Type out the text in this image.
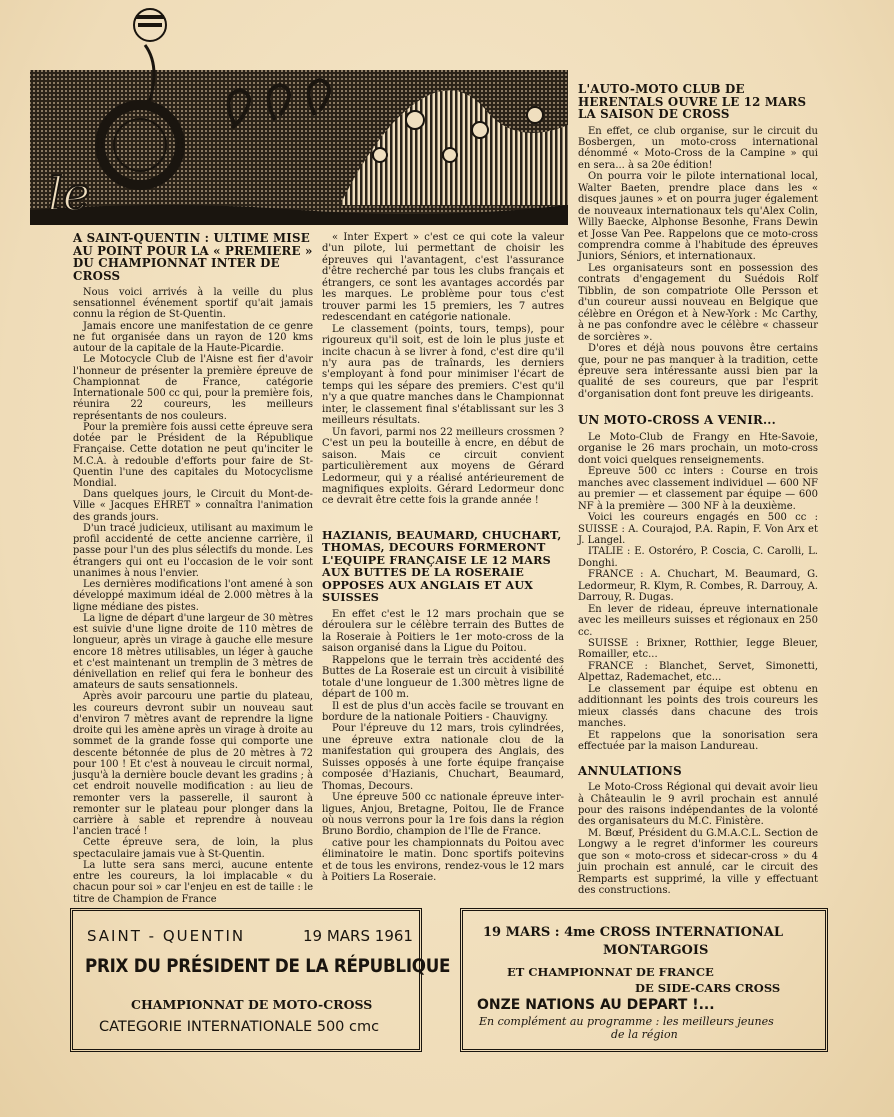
le
A SAINT-QUENTIN : ULTIME MISE AU POINT POUR LA « PREMIERE » DU CHAMPIONNAT INTER DE CROSS

Nous voici arrivés à la veille du plus sensationnel événement sportif qu'ait jamais connu la région de St-Quentin.

Jamais encore une manifestation de ce genre ne fut organisée dans un rayon de 120 kms autour de la capitale de la Haute-Picardie.

Le Motocycle Club de l'Aisne est fier d'avoir l'honneur de présenter la première épreuve de Championnat de France, catégorie Internationale 500 cc qui, pour la première fois, réunira 22 coureurs, les meilleurs représentants de nos couleurs.

Pour la première fois aussi cette épreuve sera dotée par le Président de la République Française. Cette dotation ne peut qu'inciter le M.C.A. à redouble d'efforts pour faire de St-Quentin l'une des capitales du Motocyclisme Mondial.

Dans quelques jours, le Circuit du Mont-de-Ville « Jacques EHRET » connaîtra l'animation des grands jours.

D'un tracé judicieux, utilisant au maximum le profil accidenté de cette ancienne carrière, il passe pour l'un des plus sélectifs du monde. Les étrangers qui ont eu l'occasion de le voir sont unanimes à nous l'envier.

Les dernières modifications l'ont amené à son développé maximum idéal de 2.000 mètres à la ligne médiane des pistes.

La ligne de départ d'une largeur de 30 mètres est suivie d'une ligne droite de 110 mètres de longueur, après un virage à gauche elle mesure encore 18 mètres utilisables, un léger à gauche et c'est maintenant un tremplin de 3 mètres de dénivellation en relief qui fera le bonheur des amateurs de sauts sensationnels.

Après avoir parcouru une partie du plateau, les coureurs devront subir un nouveau saut d'environ 7 mètres avant de reprendre la ligne droite qui les amène après un virage à droite au sommet de la grande fosse qui comporte une descente bétonnée de plus de 20 mètres à 72 pour 100 ! Et c'est à nouveau le circuit normal, jusqu'à la dernière boucle devant les gradins ; à cet endroit nouvelle modification : au lieu de remonter vers la passerelle, il sauront à remonter sur le plateau pour plonger dans la carrière à sable et reprendre à nouveau l'ancien tracé !

Cette épreuve sera, de loin, la plus spectaculaire jamais vue à St-Quentin.

La lutte sera sans merci, aucune entente entre les coureurs, la loi implacable « du chacun pour soi » car l'enjeu en est de taille : le titre de Champion de France

« Inter Expert » c'est ce qui cote la valeur d'un pilote, lui permettant de choisir les épreuves qui l'avantagent, c'est l'assurance d'être recherché par tous les clubs français et étrangers, ce sont les avantages accordés par les marques. Le problème pour tous c'est trouver parmi les 15 premiers, les 7 autres redescendant en catégorie nationale.

Le classement (points, tours, temps), pour rigoureux qu'il soit, est de loin le plus juste et incite chacun à se livrer à fond, c'est dire qu'il n'y aura pas de traînards, les derniers s'employant à fond pour minimiser l'écart de temps qui les sépare des premiers. C'est qu'il n'y a que quatre manches dans le Championnat inter, le classement final s'établissant sur les 3 meilleurs résultats.

Un favori, parmi nos 22 meilleurs crossmen ? C'est un peu la bouteille à encre, en début de saison. Mais ce circuit convient particulièrement aux moyens de Gérard Ledormeur, qui y a réalisé antérieurement de magnifiques exploits. Gérard Ledormeur donc ce devrait être cette fois la grande année !

HAZIANIS, BEAUMARD, CHUCHART, THOMAS, DECOURS FORMERONT L'EQUIPE FRANÇAISE LE 12 MARS AUX BUTTES DE LA ROSERAIE OPPOSES AUX ANGLAIS ET AUX SUISSES

En effet c'est le 12 mars prochain que se déroulera sur le célèbre terrain des Buttes de la Roseraie à Poitiers le 1er moto-cross de la saison organisé dans la Ligue du Poitou.

Rappelons que le terrain très accidenté des Buttes de La Roseraie est un circuit à visibilité totale d'une longueur de 1.300 mètres ligne de départ de 100 m.

Il est de plus d'un accès facile se trouvant en bordure de la nationale Poitiers - Chauvigny.

Pour l'épreuve du 12 mars, trois cylindrées, une épreuve extra nationale clou de la manifestation qui groupera des Anglais, des Suisses opposés à une forte équipe française composée d'Hazianis, Chuchart, Beaumard, Thomas, Decours.

Une épreuve 500 cc nationale épreuve inter-ligues, Anjou, Bretagne, Poitou, Ile de France où nous verrons pour la 1re fois dans la région Bruno Bordio, champion de l'Ile de France.

cative pour les championnats du Poitou avec éliminatoire le matin. Donc sportifs poitevins et de tous les environs, rendez-vous le 12 mars à Poitiers La Roseraie.

L'AUTO-MOTO CLUB DE HERENTALS OUVRE LE 12 MARS LA SAISON DE CROSS

En effet, ce club organise, sur le circuit du Bosbergen, un moto-cross international dénommé « Moto-Cross de la Campine » qui en sera... à sa 20e édition!

On pourra voir le pilote international local, Walter Baeten, prendre place dans les « disques jaunes » et on pourra juger également de nouveaux internationaux tels qu'Alex Colin, Willy Baecke, Alphonse Besonhe, Frans Dewin et Josse Van Pee. Rappelons que ce moto-cross comprendra comme à l'habitude des épreuves Juniors, Séniors, et internationaux.

Les organisateurs sont en possession des contrats d'engagement du Suédois Rolf Tibblin, de son compatriote Olle Persson et d'un coureur aussi nouveau en Belgique que célèbre en Orégon et à New-York : Mc Carthy, à ne pas confondre avec le célèbre « chasseur de sorcières ».

D'ores et déjà nous pouvons être certains que, pour ne pas manquer à la tradition, cette épreuve sera intéressante aussi bien par la qualité de ses coureurs, que par l'esprit d'organisation dont font preuve les dirigeants.

UN MOTO-CROSS A VENIR...

Le Moto-Club de Frangy en Hte-Savoie, organise le 26 mars prochain, un moto-cross dont voici quelques renseignements.

Epreuve 500 cc inters : Course en trois manches avec classement individuel — 600 NF au premier — et classement par équipe — 600 NF à la première — 300 NF à la deuxième.

Voici les coureurs engagés en 500 cc : SUISSE : A. Courajod, P.A. Rapin, F. Von Arx et J. Langel.

ITALIE : E. Ostoréro, P. Coscia, C. Carolli, L. Donghi.

FRANCE : A. Chuchart, M. Beaumard, G. Ledormeur, R. Klym, R. Combes, R. Darrouy, A. Darrouy, R. Dugas.

En lever de rideau, épreuve internationale avec les meilleurs suisses et régionaux en 250 cc.

SUISSE : Brixner, Rotthier, Iegge Bleuer, Romailler, etc...

FRANCE : Blanchet, Servet, Simonetti, Alpettaz, Rademachet, etc...

Le classement par équipe est obtenu en additionnant les points des trois coureurs les mieux classés dans chacune des trois manches.

Et rappelons que la sonorisation sera effectuée par la maison Landureau.

ANNULATIONS

Le Moto-Cross Régional qui devait avoir lieu à Châteaulin le 9 avril prochain est annulé pour des raisons indépendantes de la volonté des organisateurs du M.C. Finistère.

M. Bœuf, Président du G.M.A.C.L. Section de Longwy a le regret d'informer les coureurs que son « moto-cross et sidecar-cross » du 4 juin prochain est annulé, car le circuit des Remparts est supprimé, la ville y effectuant des constructions.

SAINT - QUENTIN	19 MARS 1961
PRIX DU PRÉSIDENT DE LA RÉPUBLIQUE
CHAMPIONNAT DE MOTO-CROSS
CATEGORIE INTERNATIONALE 500 cmc
19 MARS : 4me CROSS INTERNATIONAL
MONTARGOIS
ET CHAMPIONNAT DE FRANCE
DE SIDE-CARS CROSS
ONZE NATIONS AU DEPART !...
En complément au programme : les meilleurs jeunes
de la région
